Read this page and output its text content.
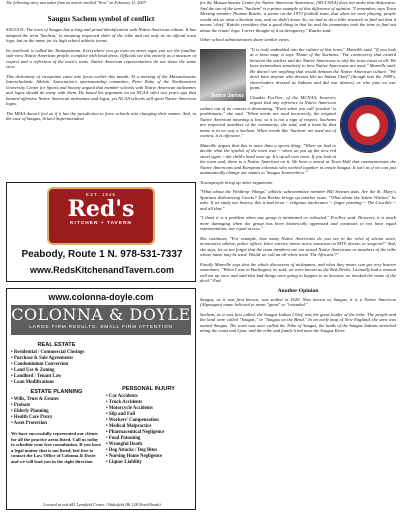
The following story was taken from an article entitled "Now" on February 11, 2007:
Saugus Sachem symbol of conflict

SAUGUS: The town of Saugus has a long and proud identification with Native American culture. It has adopted the term 'Sachem,' in meaning respected elder of the tribe and not only as its official town logo, but as the name for its high school athletic teams.

Its yearbook is called the Tantaquonian. Everywhere you go even on street signs you see the familiar side-view Native American profile, complete with head dress. Officials see this entirely as a measure of respect and a reflection of the town's roots. Native American representatives do not share the same view.

This dichotomy of viewpoints came into focus earlier this month. At a meeting of the Massachusetts Interscholastic Athletic Association's sportsmanship committee, Peter Roby of the Northeastern University Center for Sports and Society argued that member schools with Native American nicknames and logos should do away with them. He based his argument on an NCAA edict two years ago that banned offensive Native American nicknames and logos, yet NCAA schools still sport Native American logos.

The MIAA doesn't feel as if it has the jurisdiction to force schools into changing their names. And, in the case of Saugus, School Superintendent

EST. 1945
Red's
KITCHEN + TAVERN
Peabody, Route 1 N. 978-531-7337
www.RedsKitchenandTavern.com
www.colonna-doyle.com
COLONNA & DOYLE
LARGE FIRM RESULTS. SMALL FIRM ATTENTION
REAL ESTATE
• Residential / Commercial Closings
• Purchase & Sale Agreements
• Condominium Conversion
• Land Use & Zoning
• Landlord / Tenant Law
• Loan Modifications
ESTATE PLANNING
• Wills, Trust & Estates
• Probate
• Elderly Planning
• Health Care Proxy
• Asset Protection

We have successfully represented our clients for all the practice areas listed. Call us today to schedule your free consultation. If you have a legal matter that is not listed, feel free to contact the Law Office of Colonna & Doyle and we will lead you in the right direction

PERSONAL INJURY
• Car Accidents
• Truck Accidents
• Motorcycle Accidents
• Slip and Fall
• Workers' Compensation
• Medical Malpractice
• Pharmaceutical Negligence
• Food Poisoning
• Wrongful Death
• Dog Attacks / Dog Bites
• Nursing Home Negligence
• Liquor Liability
Located at exit #41 Lynnfield Center / Wakefield (Rt 128 North/South)

for the Massachusetts Center for Native American Awareness, (MCCNAA) does not make that distinction. And the use of the term "Sachem" is a prime example of this difference of opinion. "I remember, says Town Meeting member Thomas Rutche, a senior on the 1973 football team, that when we were playing, people would ask us what a Sachem was, and we didn't know. So, we had to do a little research to find out that it means 'chief.' Rutche considers that a good thing in that he and his teammates took the time to find out about the teams' logo. I never thought of it as derogatory," Rutche said.

Other school administrators share similar views.

Janice Jarosz

"It is truly embedded into the culture of this town," Manville said. "If you look at a town map, it says 'Home of the Sachems.' The controversy that existed between the settlers and the Native Americans is why the town exists at all. We have tremendous sensitivity to how Native Americans are used," Manville said. He doesn't see anything that would demean the Native American culture. "We don't have anyone who dresses like an Indian Chief" (though into the 1980's, cheerleaders dressed as Indians and did war dances) or who puts on war paint."

Claudia FoxTree, of the MCNAA, however, argues that any reference to Native American culture out of its context is demeaning. "Even when you call 'positive' is problematic," she said. "When words are used incorrectly, the original Native American meaning is lost, so it is not a sign of respect. Sachems are respected members of the community, she said, and a team by that name is in no way a Sachem. When words like 'Sachem' are used out of context, it is offensive."

Manville argues that this is more than a sports thing. "When we had to decide what the symbol of the town was -- when we put up the new red street signs -- the child's head went up. It's up all over town. If you look at the town seal, there is a Native American on it. We have a mural at Town Hall that commemorates the Native Americans and European colonists who worked together to create Saugus. It isn't as if we can just automatically change our names to 'Saugus Ironworkers.'"

Townspeople bring up other arguments.

"What about the Winthrop Vikings" athletic subcommittee member Bill Stewart asks. Are the St. Mary's Spartans dishonoring Greeks? Tom Ritchie brings up another issue. "What about the Salem Witches" he asks. If we study our history, this is bad news -- religious intolerance -- finger pointing -- The Crucible -- and all that."

"I think it is a problem when any group is minimized or ridiculed," FoxTree said. However, it is much more damaging when the group has been historically oppressed and continues to not have equal representation, nor equal access."

She continues, "For example, how many Native Americans do you see in the roles of sitcom actor, newscaster, athlete, police officer, letter carrier, movie actor, musician on MTV, doctor, or surgeon?" And, she says, let us not forget that the team members are not actual Native Americans or members of the tribe whose name may be used. Would we call an all-white team 'The Africans'?"

Finally Manville says that the whole discussion of nicknames, and what they mean, can get very bizarre sometimes. "When I was in Burlington, he said, we were known as the Red Devils. I actually had a woman call me up once and said that bad things were going to happen to us because we invoked the name of the devil." End.

Another Opinion

Saugus, as it was first known, was settled in 1629. Now known as Saugus, it is a Native American (Algonquin) name believed to mean "great" or "extended."

Sachem, as it was first called, the Saugus Indian Chief, was the great leader of the tribe. The people and the land were called "Saugus," or "Saugus on the Bend." In an early map of New England, the area was named Saugus. The town was once called the Tribe of Saugus, the lands of the Saugus Indians stretched along the coast and Lynn, and the tribe and family lived near the Saugus River.
